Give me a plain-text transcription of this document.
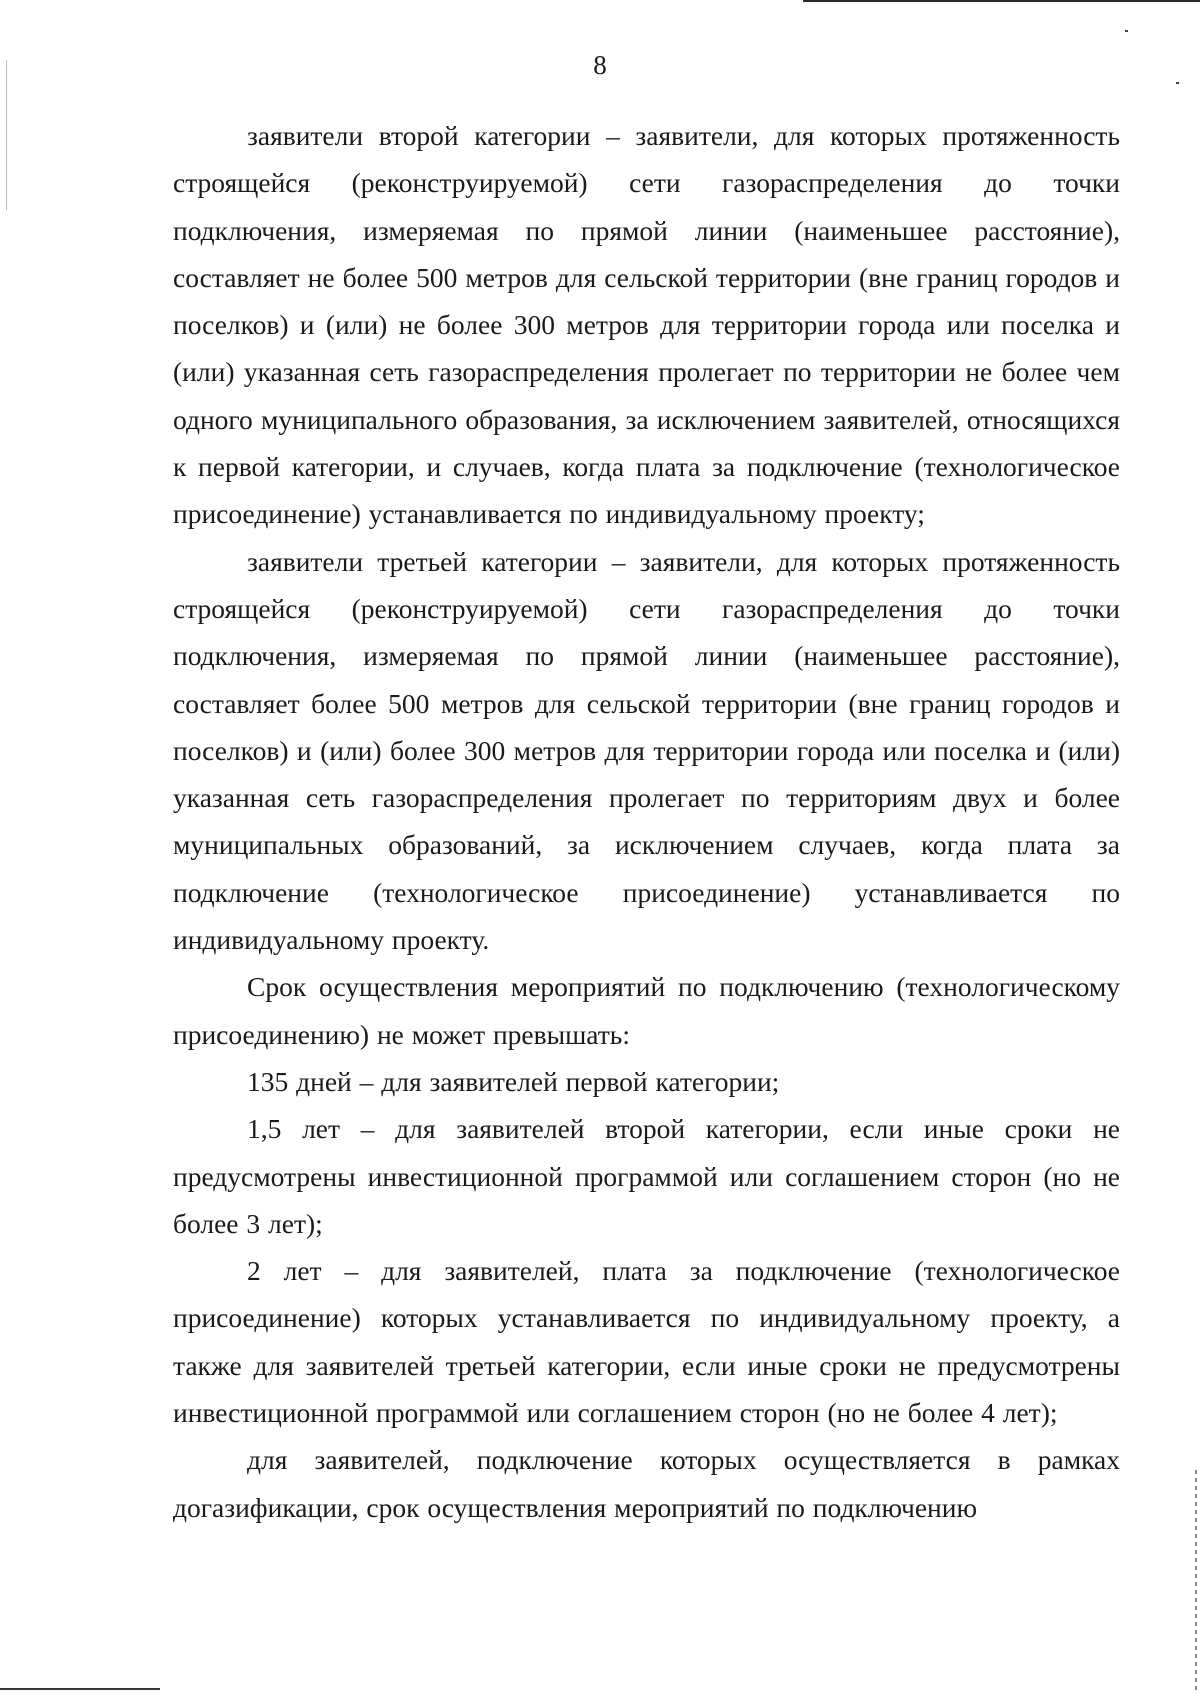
8

заявители второй категории – заявители, для которых протяженность строящейся (реконструируемой) сети газораспределения до точки подключения, измеряемая по прямой линии (наименьшее расстояние), составляет не более 500 метров для сельской территории (вне границ городов и поселков) и (или) не более 300 метров для территории города или поселка и (или) указанная сеть газораспределения пролегает по территории не более чем одного муниципального образования, за исключением заявителей, относящихся к первой категории, и случаев, когда плата за подключение (технологическое присоединение) устанавливается по индивидуальному проекту;

заявители третьей категории – заявители, для которых протяженность строящейся (реконструируемой) сети газораспределения до точки подключения, измеряемая по прямой линии (наименьшее расстояние), составляет более 500 метров для сельской территории (вне границ городов и поселков) и (или) более 300 метров для территории города или поселка и (или) указанная сеть газораспределения пролегает по территориям двух и более муниципальных образований, за исключением случаев, когда плата за подключение (технологическое присоединение) устанавливается по индивидуальному проекту.

Срок осуществления мероприятий по подключению (технологическому присоединению) не может превышать:

135 дней – для заявителей первой категории;

1,5 лет – для заявителей второй категории, если иные сроки не предусмотрены инвестиционной программой или соглашением сторон (но не более 3 лет);

2 лет – для заявителей, плата за подключение (технологическое присоединение) которых устанавливается по индивидуальному проекту, а также для заявителей третьей категории, если иные сроки не предусмотрены инвестиционной программой или соглашением сторон (но не более 4 лет);

для заявителей, подключение которых осуществляется в рамках догазификации, срок осуществления мероприятий по подключению
